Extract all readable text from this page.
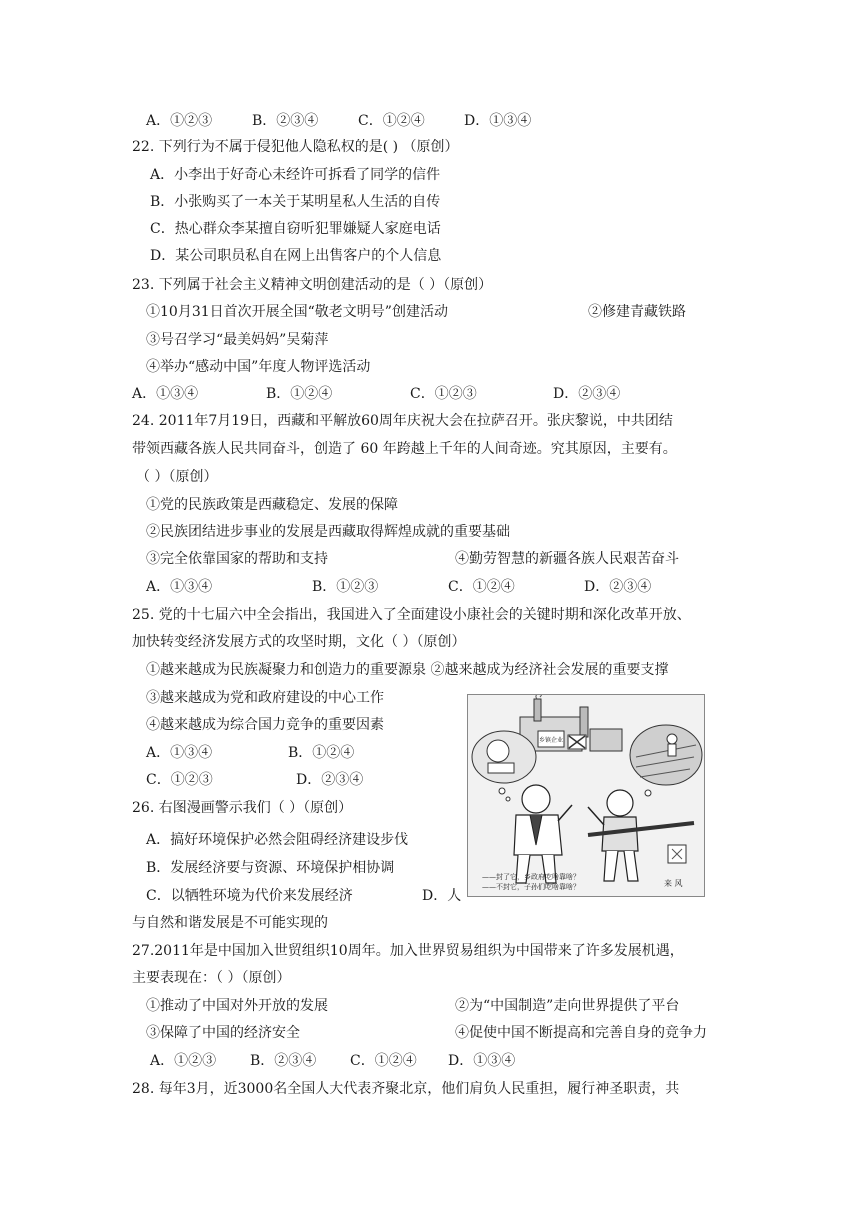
A．①②③	B．②③④	C．①②④	D．①③④
22. 下列行为不属于侵犯他人隐私权的是( ) （原创）
A．小李出于好奇心未经许可拆看了同学的信件
B．小张购买了一本关于某明星私人生活的自传
C．热心群众李某擅自窃听犯罪嫌疑人家庭电话
D．某公司职员私自在网上出售客户的个人信息
23. 下列属于社会主义精神文明创建活动的是（ ）（原创）
①10月31日首次开展全国“敬老文明号”创建活动	②修建青藏铁路
③号召学习“最美妈妈”吴菊萍
④举办“感动中国”年度人物评选活动
A．①③④	B．①②④	C．①②③	D．②③④
24. 2011年7月19日，西藏和平解放60周年庆祝大会在拉萨召开。张庆黎说，中共团结
带领西藏各族人民共同奋斗，创造了 60 年跨越上千年的人间奇迹。究其原因，主要有。
（ ）（原创）
①党的民族政策是西藏稳定、发展的保障
②民族团结进步事业的发展是西藏取得辉煌成就的重要基础
③完全依靠国家的帮助和支持	④勤劳智慧的新疆各族人民艰苦奋斗
A．①③④	B．①②③	C．①②④	D．②③④
25. 党的十七届六中全会指出，我国进入了全面建设小康社会的关键时期和深化改革开放、
加快转变经济发展方式的攻坚时期，文化（ ）（原创）
①越来越成为民族凝聚力和创造力的重要源泉 ②越来越成为经济社会发展的重要支撑
③越来越成为党和政府建设的中心工作
④越来越成为综合国力竞争的重要因素
A．①③④	B．①②④
C．①②③	D．②③④
乡镇企业
——封了它，乡政府吃啥靠啥？
——不封它，子孙们吃啥靠啥？	来 风
26. 右图漫画警示我们（ ）（原创）
A．搞好环境保护必然会阻碍经济建设步伐
B．发展经济要与资源、环境保护相协调
C．以牺牲环境为代价来发展经济	D．人
与自然和谐发展是不可能实现的
27.2011年是中国加入世贸组织10周年。加入世界贸易组织为中国带来了许多发展机遇，
主要表现在：（ ）（原创）
①推动了中国对外开放的发展	②为“中国制造”走向世界提供了平台
③保障了中国的经济安全	④促使中国不断提高和完善自身的竞争力
A．①②③ B．②③④ C．①②④ D．①③④
28. 每年3月，近3000名全国人大代表齐聚北京，他们肩负人民重担，履行神圣职责，共
